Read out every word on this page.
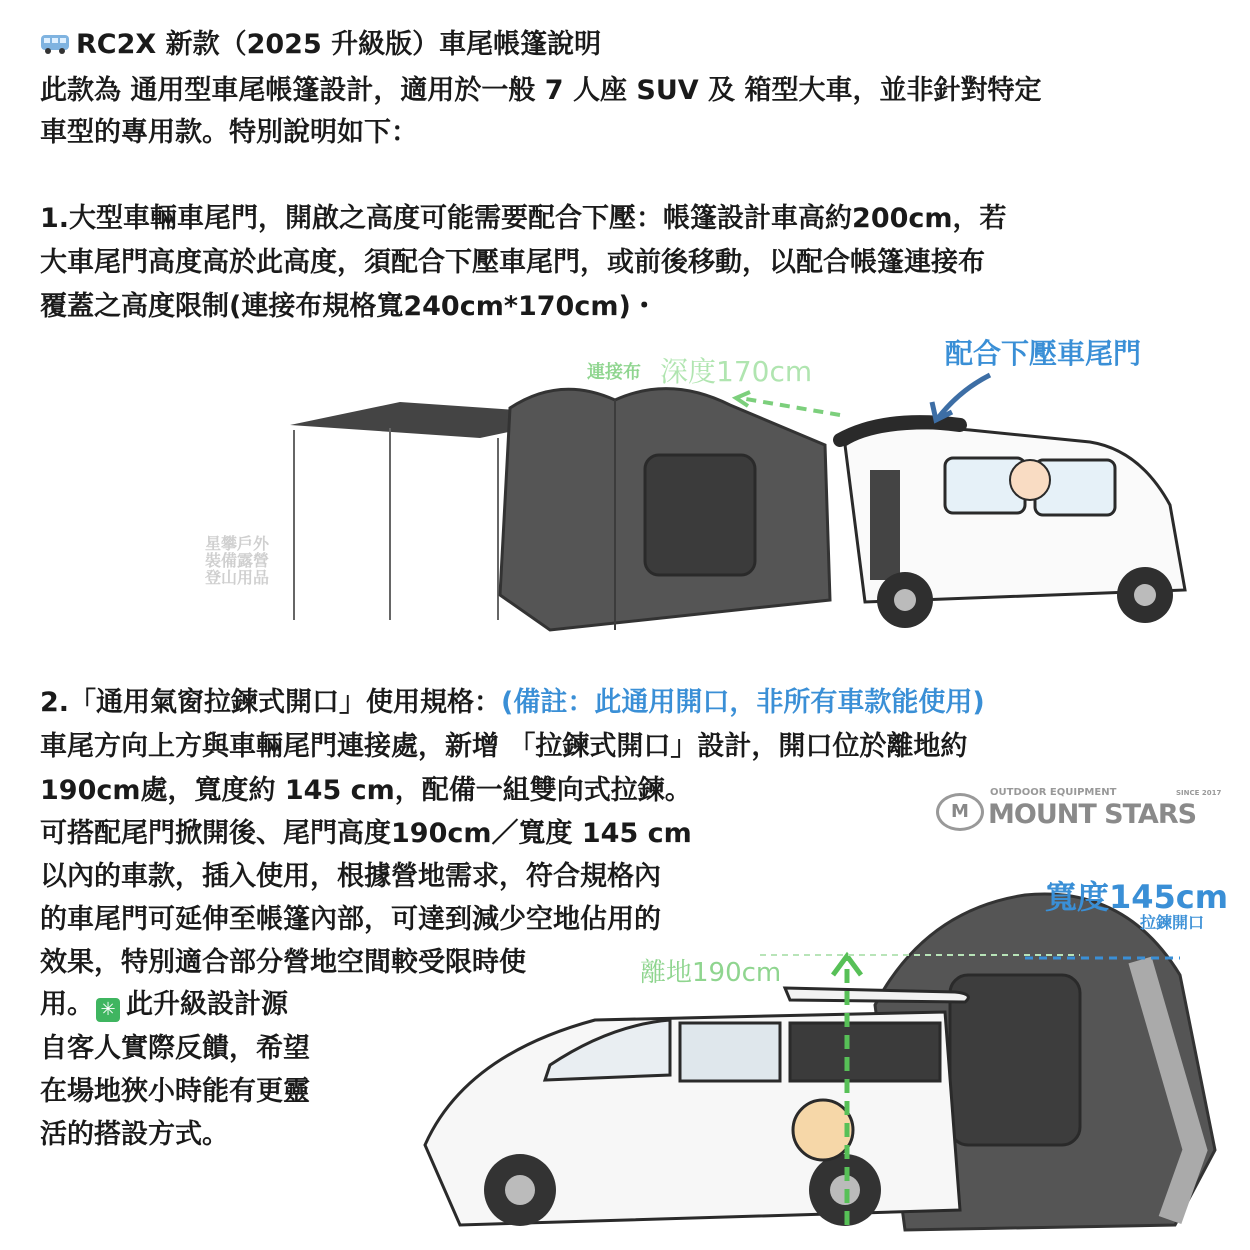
RC2X 新款（2025 升級版）車尾帳篷說明
此款為 通用型車尾帳篷設計，適用於一般 7 人座 SUV 及 箱型大車，並非針對特定
車型的專用款。特別說明如下：
1.大型車輛車尾門，開啟之高度可能需要配合下壓：帳篷設計車高約200cm，若
大車尾門高度高於此高度，須配合下壓車尾門，或前後移動，以配合帳篷連接布
覆蓋之高度限制(連接布規格寬240cm*170cm)・
連接布 深度170cm
配合下壓車尾門
星攀戶外
裝備露營
登山用品
2.「通用氣窗拉鍊式開口」使用規格：(備註：此通用開口，非所有車款能使用)
車尾方向上方與車輛尾門連接處，新增 「拉鍊式開口」設計，開口位於離地約
190cm處，寬度約 145 cm，配備一組雙向式拉鍊。
可搭配尾門掀開後、尾門高度190cm／寬度 145 cm
以內的車款，插入使用，根據營地需求，符合規格內
的車尾門可延伸至帳篷內部，可達到減少空地佔用的
效果，特別適合部分營地空間較受限時使
用。 ✳ 此升級設計源
自客人實際反饋，希望
在場地狹小時能有更靈
活的搭設方式。
M
OUTDOOR EQUIPMENT	SINCE 2017
MOUNT STARS
寬度145cm
拉鍊開口
離地190cm
